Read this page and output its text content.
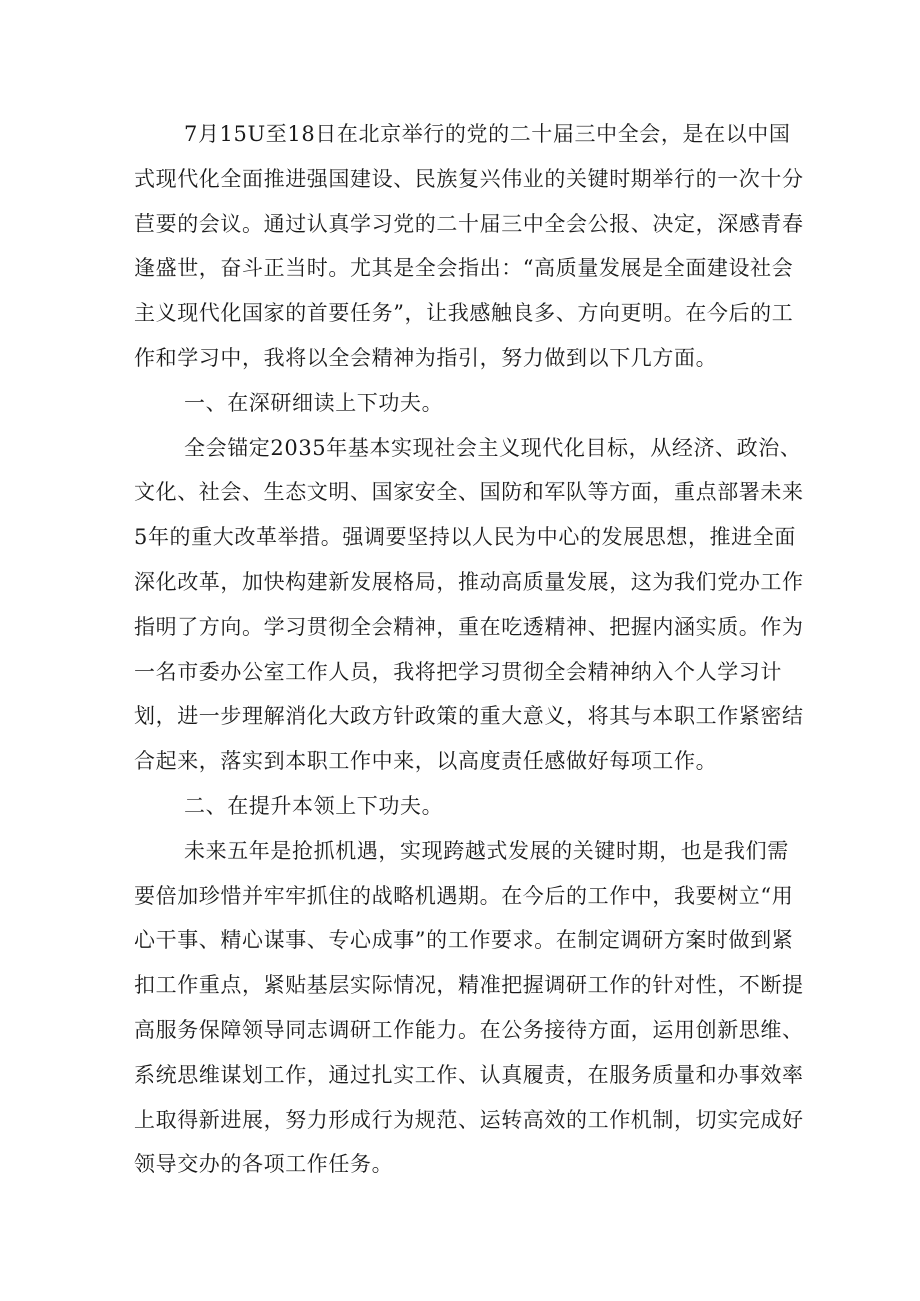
7月15U至18日在北京举行的党的二十届三中全会，是在以中国式现代化全面推进强国建设、民族复兴伟业的关键时期举行的一次十分苣要的会议。通过认真学习党的二十届三中全会公报、决定，深感青春逢盛世，奋斗正当时。尤其是全会指出：“高质量发展是全面建设社会主义现代化国家的首要任务”，让我感触良多、方向更明。在今后的工作和学习中，我将以全会精神为指引，努力做到以下几方面。

一、在深研细读上下功夫。

全会锚定2035年基本实现社会主义现代化目标，从经济、政治、文化、社会、生态文明、国家安全、国防和军队等方面，重点部署未来5年的重大改革举措。强调要坚持以人民为中心的发展思想，推进全面深化改革，加快构建新发展格局，推动高质量发展，这为我们党办工作指明了方向。学习贯彻全会精神，重在吃透精神、把握内涵实质。作为一名市委办公室工作人员，我将把学习贯彻全会精神纳入个人学习计划，进一步理解消化大政方针政策的重大意义，将其与本职工作紧密结合起来，落实到本职工作中来，以高度责任感做好每项工作。

二、在提升本领上下功夫。

未来五年是抢抓机遇，实现跨越式发展的关键时期，也是我们需要倍加珍惜并牢牢抓住的战略机遇期。在今后的工作中，我要树立“用心干事、精心谋事、专心成事”的工作要求。在制定调研方案时做到紧扣工作重点，紧贴基层实际情况，精准把握调研工作的针对性，不断提高服务保障领导同志调研工作能力。在公务接待方面，运用创新思维、系统思维谋划工作，通过扎实工作、认真履责，在服务质量和办事效率上取得新进展，努力形成行为规范、运转高效的工作机制，切实完成好领导交办的各项工作任务。
